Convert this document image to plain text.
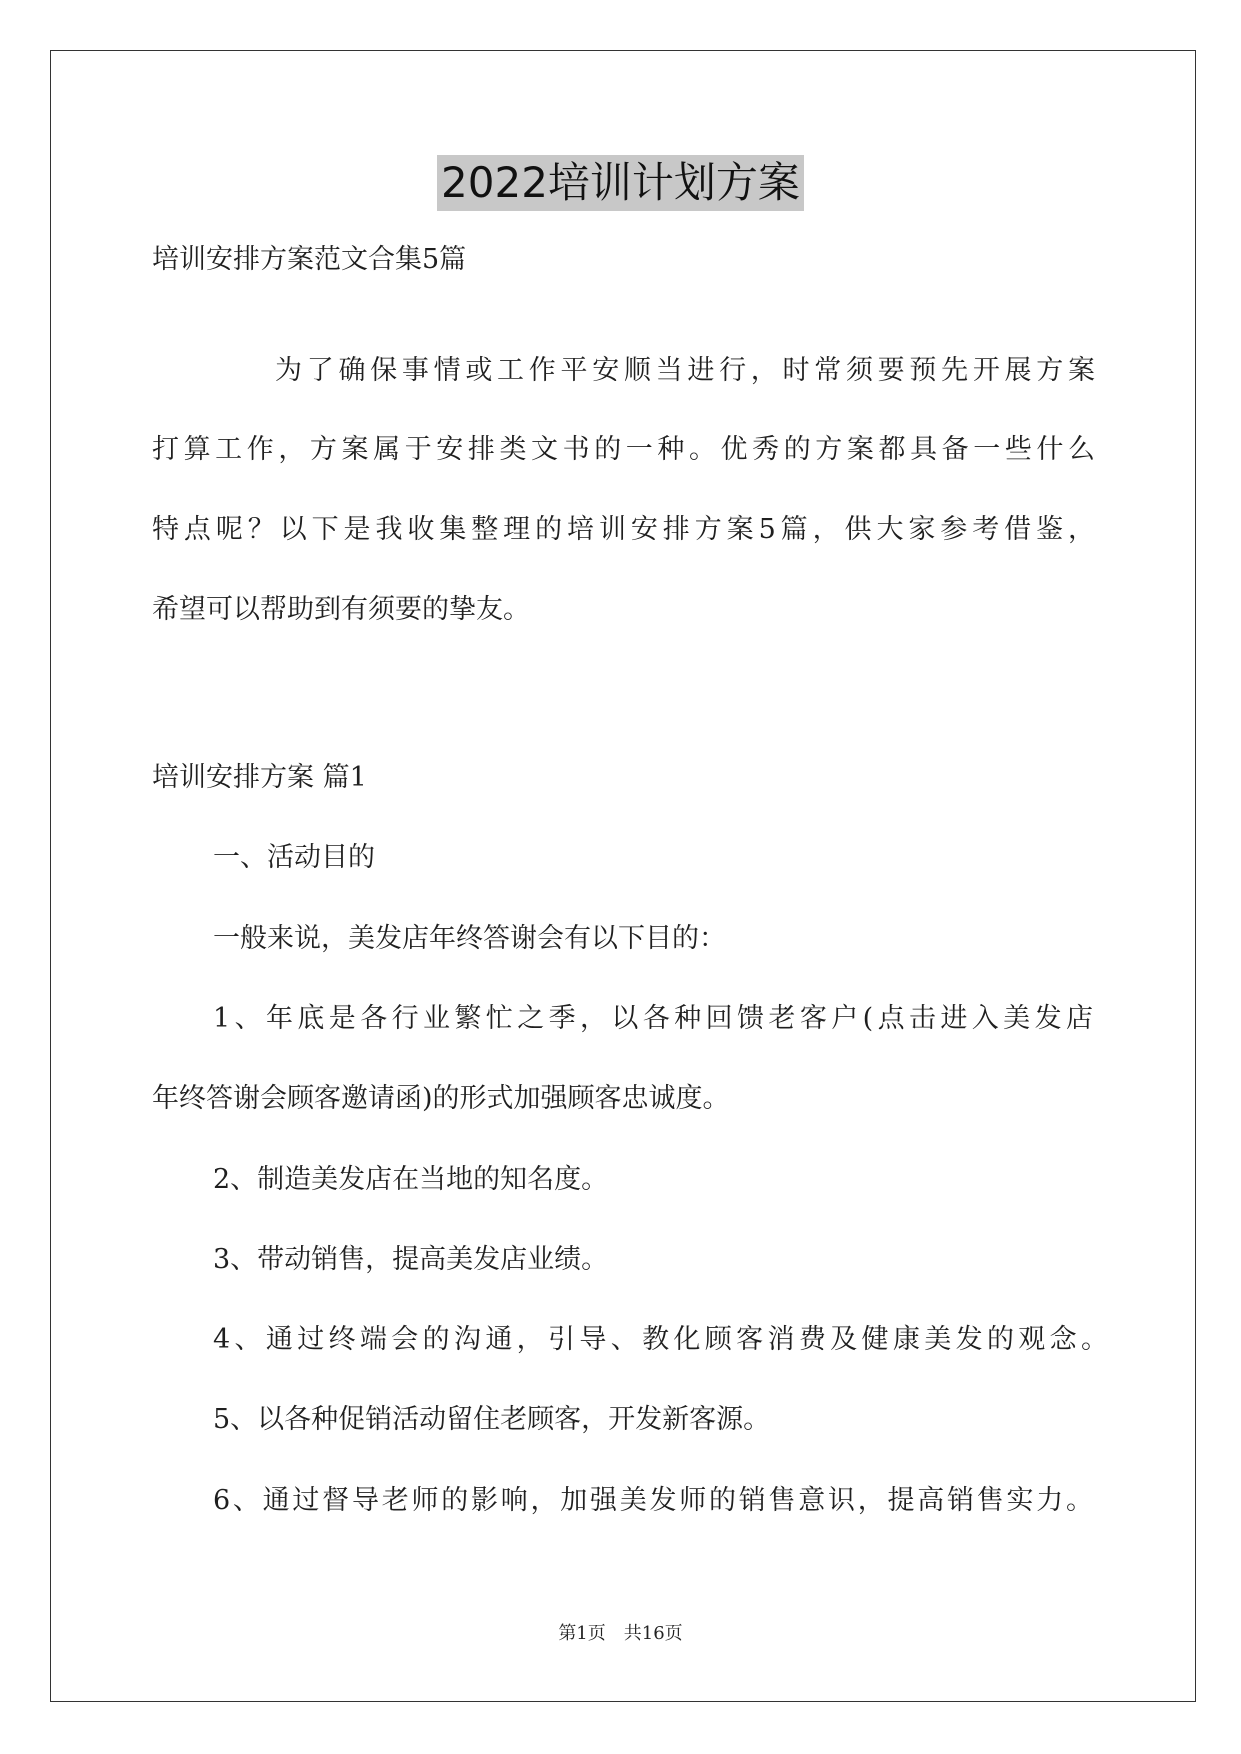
2022培训计划方案
培训安排方案范文合集5篇
为了确保事情或工作平安顺当进行，时常须要预先开展方案
打算工作，方案属于安排类文书的一种。优秀的方案都具备一些什么
特点呢？以下是我收集整理的培训安排方案5篇，供大家参考借鉴，
希望可以帮助到有须要的挚友。
培训安排方案 篇1
一、活动目的
一般来说，美发店年终答谢会有以下目的：
1、年底是各行业繁忙之季，以各种回馈老客户(点击进入美发店
年终答谢会顾客邀请函)的形式加强顾客忠诚度。
2、制造美发店在当地的知名度。
3、带动销售，提高美发店业绩。
4、通过终端会的沟通，引导、教化顾客消费及健康美发的观念。
5、以各种促销活动留住老顾客，开发新客源。
6、通过督导老师的影响，加强美发师的销售意识，提高销售实力。
第1页 共16页
